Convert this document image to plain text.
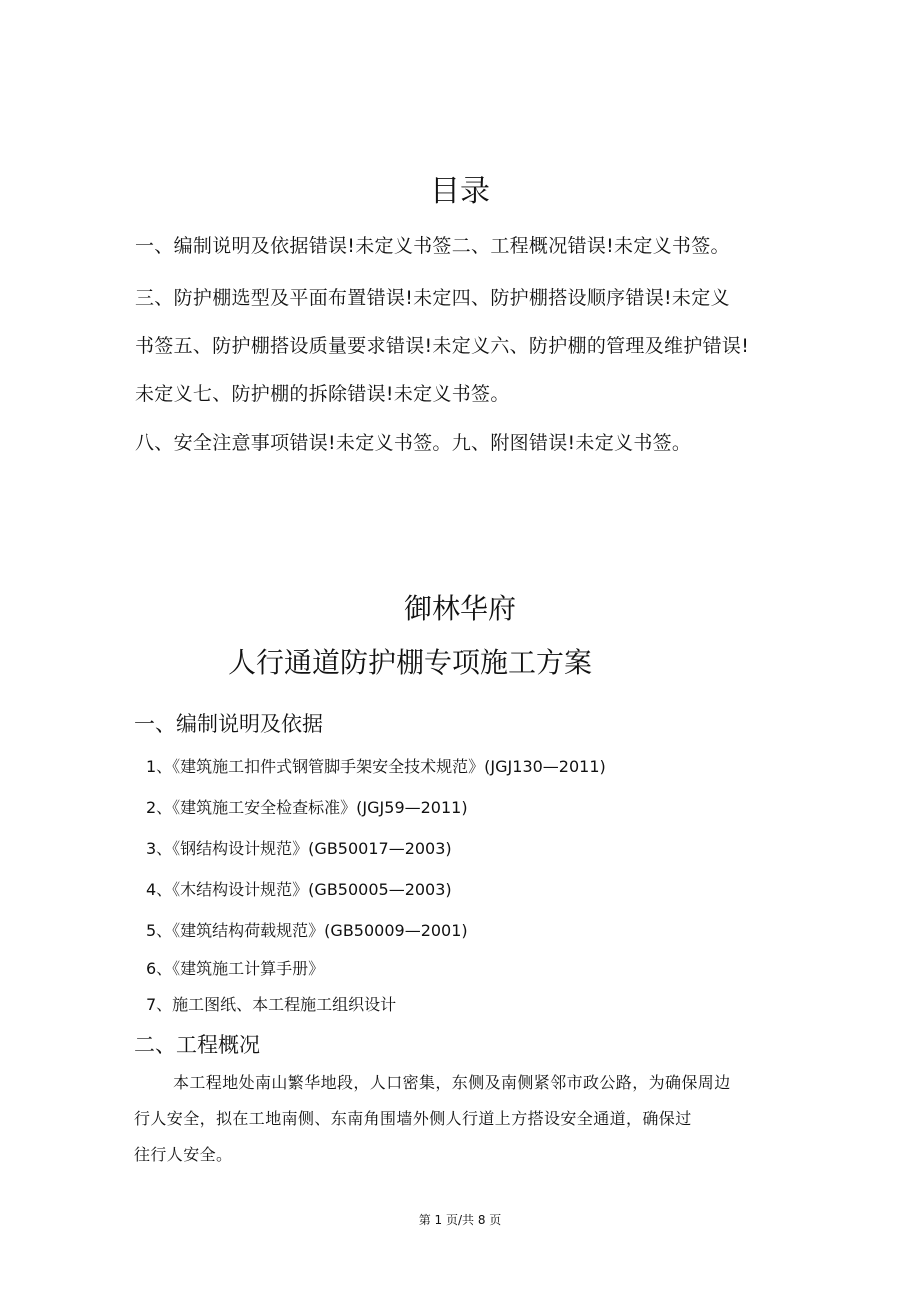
目录
一、编制说明及依据错误!未定义书签二、工程概况错误!未定义书签。
三、防护棚选型及平面布置错误!未定四、防护棚搭设顺序错误!未定义
书签五、防护棚搭设质量要求错误!未定义六、防护棚的管理及维护错误!
未定义七、防护棚的拆除错误!未定义书签。
八、安全注意事项错误!未定义书签。九、附图错误!未定义书签。
御林华府
人行通道防护棚专项施工方案
一、编制说明及依据
1、《建筑施工扣件式钢管脚手架安全技术规范》(JGJ130—2011)
2、《建筑施工安全检查标准》(JGJ59—2011)
3、《钢结构设计规范》(GB50017—2003)
4、《木结构设计规范》(GB50005—2003)
5、《建筑结构荷载规范》(GB50009—2001)
6、《建筑施工计算手册》
7、施工图纸、本工程施工组织设计
二、工程概况
本工程地处南山繁华地段，人口密集，东侧及南侧紧邻市政公路，为确保周边
行人安全，拟在工地南侧、东南角围墙外侧人行道上方搭设安全通道，确保过
往行人安全。
第 1 页/共 8 页
